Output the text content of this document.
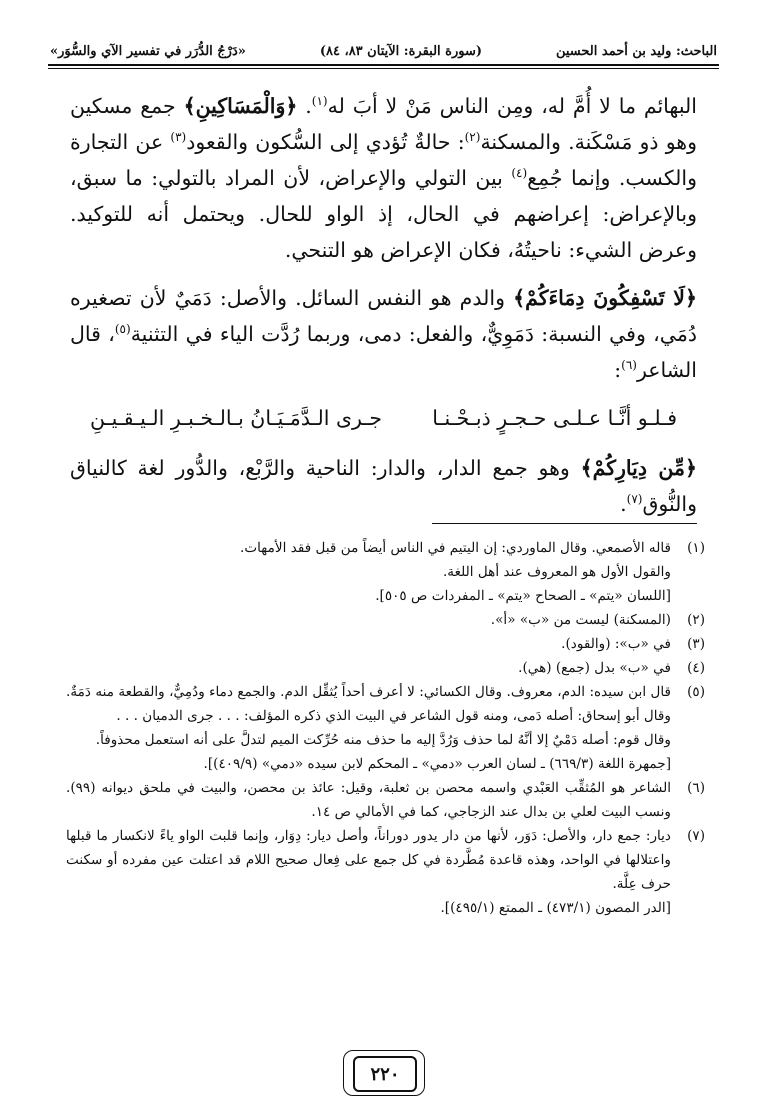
الباحث: وليد بن أحمد الحسين
(سورة البقرة: الآيتان ٨٣، ٨٤)
«دَرْجُ الدُّرَر في تفسير الآي والسُّوَر»

البهائم ما لا أُمَّ له، ومِن الناس مَنْ لا أبَ له$^{(١)}$. ﴿وَالْمَسَاكِينِ﴾ جمع مسكين وهو ذو مَسْكَنة. والمسكنة$^{(٢)}$: حالةٌ تُؤدي إلى السُّكون والقعود$^{(٣)}$ عن التجارة والكسب. وإنما جُمِع$^{(٤)}$ بين التولي والإعراض، لأن المراد بالتولي: ما سبق، وبالإعراض: إعراضهم في الحال، إذ الواو للحال. ويحتمل أنه للتوكيد. وعرض الشيء: ناحيتُهُ، فكان الإعراض هو التنحي.

﴿لَا تَسْفِكُونَ دِمَاءَكُمْ﴾ والدم هو النفس السائل. والأصل: دَمَيٌ لأن تصغيره دُمَي، وفي النسبة: دَمَوِيٌّ، والفعل: دمى، وربما رُدَّت الياء في التثنية$^{(٥)}$، قال الشاعر$^{(٦)}$:

فـلـو أنَّـا عـلـى حـجـرٍ ذبـحْـنـا
جـرى الـدَّمَـيَـانُ بـالـخـبـرِ الـيـقـيـنِ

﴿مِّن دِيَارِكُمْ﴾ وهو جمع الدار، والدار: الناحية والرَّبْع، والدُّور لغة كالنياق والنُّوق$^{(٧)}$.

(١)
قاله الأصمعي. وقال الماوردي: إن اليتيم في الناس أيضاً من قبل فقد الأمهات.
والقول الأول هو المعروف عند أهل اللغة.
[اللسان «يتم» ـ الصحاح «يتم» ـ المفردات ص ٥٠٥].
(٢)
(المسكنة) ليست من «ب» «أ».
(٣)
في «ب»: (والقود).
(٤)
في «ب» بدل (جمع) (هي).
(٥)
قال ابن سيده: الدم، معروف. وقال الكسائي: لا أعرف أحداً يُثقِّل الدم. والجمع دماء ودُمِيٌّ، والقطعة منه دَمَةٌ. وقال أبو إسحاق: أصله دَمى، ومنه قول الشاعر في البيت الذي ذكره المؤلف: . . . جرى الدميان . . .
وقال قوم: أصله دَمْيٌ إلا أنَّهُ لما حذف وَرُدَّ إليه ما حذف منه حُرِّكت الميم لتدلَّ على أنه استعمل محذوفاً.
[جمهرة اللغة (٦٦٩/٣) ـ لسان العرب «دمي» ـ المحكم لابن سيده «دمي» (٤٠٩/٩)].
(٦)
الشاعر هو المُثقِّب العَبْدي واسمه محصن بن ثعلبة، وقيل: عائذ بن محصن، والبيت في ملحق ديوانه (٩٩). ونسب البيت لعلي بن بدال عند الزجاجي، كما في الأمالي ص ١٤.
(٧)
ديار: جمع دار، والأصل: دَوَر، لأنها من دار يدور دوراناً، وأصل ديار: دِوَار، وإنما قلبت الواو ياءً لانكسار ما قبلها واعتلالها في الواحد، وهذه قاعدة مُطَّردة في كل جمع على فِعال صحيح اللام قد اعتلت عين مفرده أو سكنت حرف عِلَّة.
[الدر المصون (٤٧٣/١) ـ الممتع (٤٩٥/١)].
٢٢٠
